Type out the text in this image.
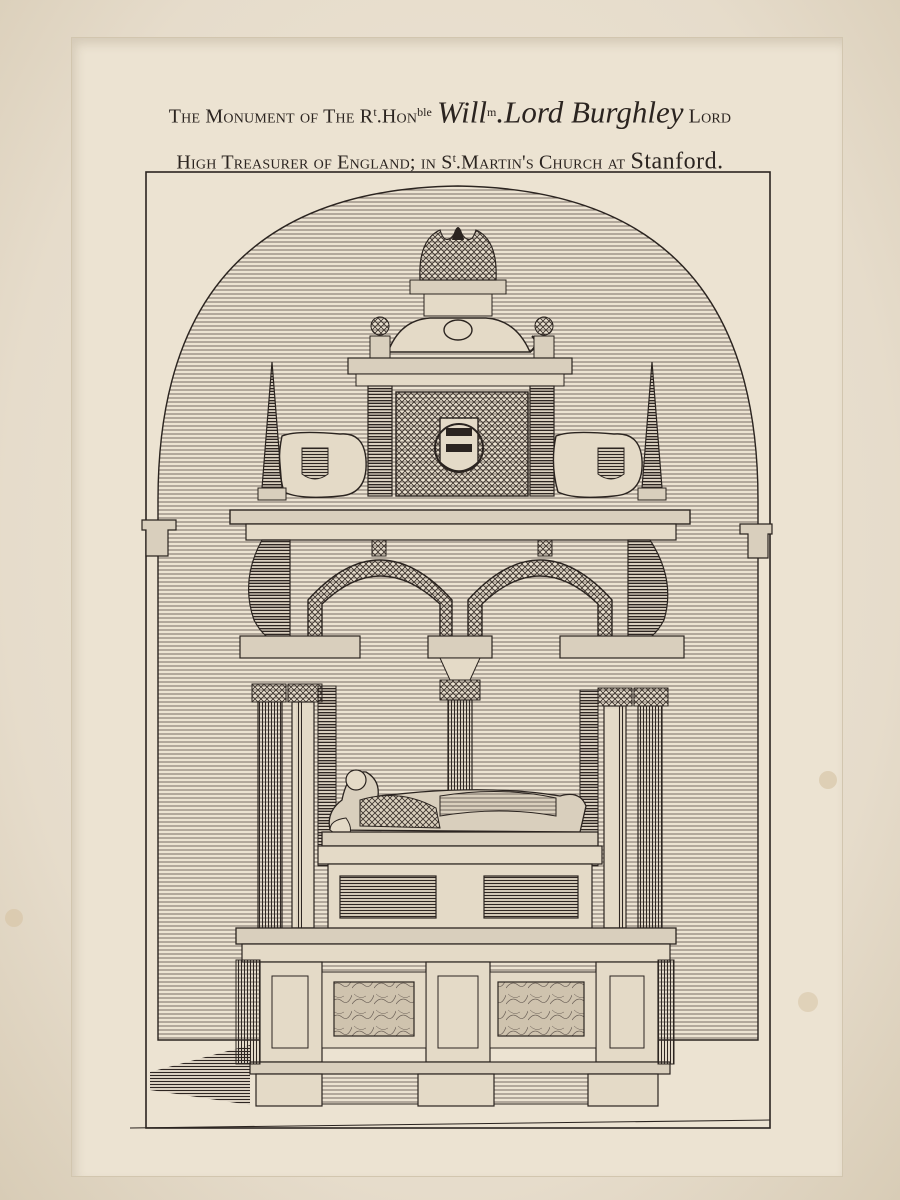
The Monument of The $R^t.Hon^{ble}$ Will$^m$.Lord Burghley Lord
High Treasurer of England; in $S^t.Martin's$ Church at Stanford.
